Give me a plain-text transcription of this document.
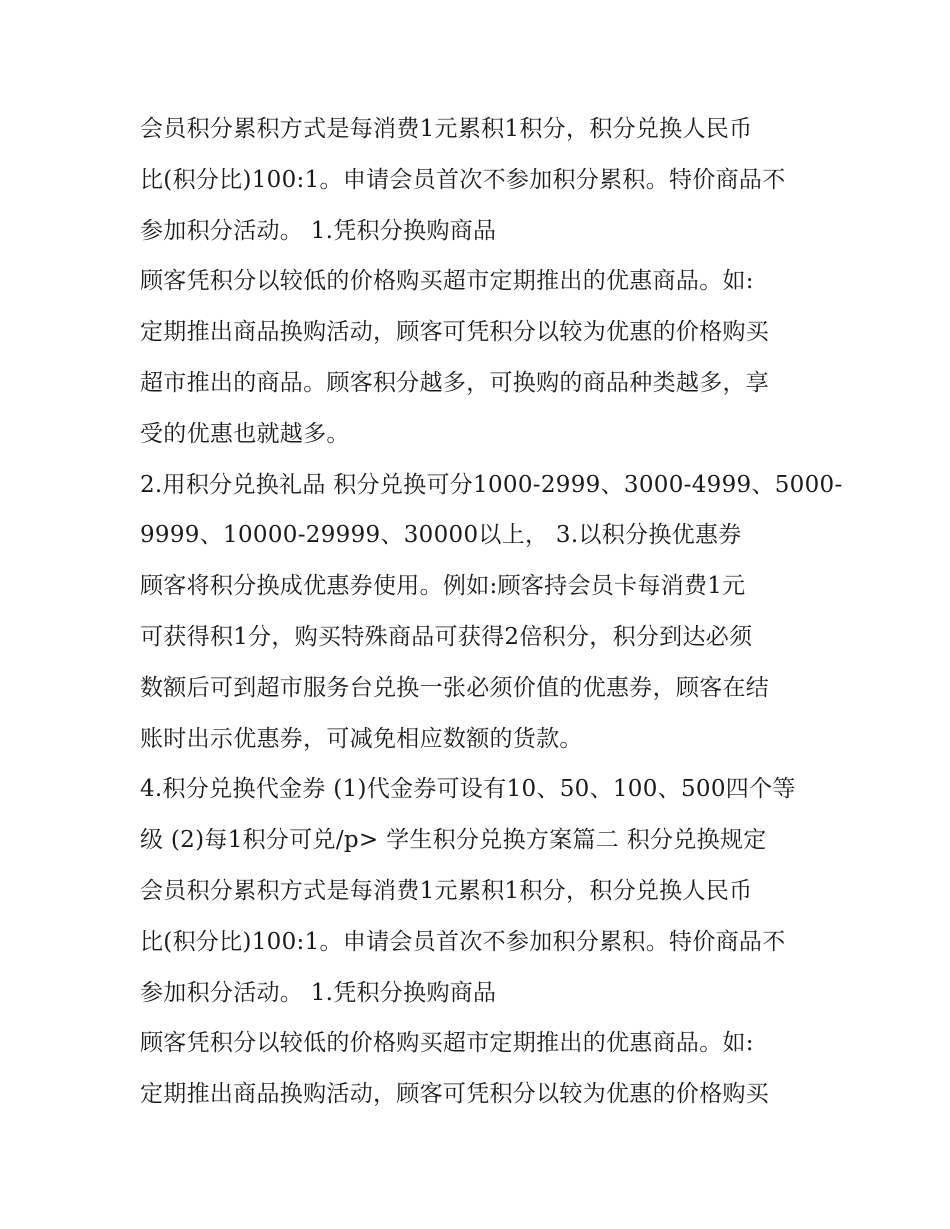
会员积分累积方式是每消费1元累积1积分，积分兑换人民币
比(积分比)100:1。申请会员首次不参加积分累积。特价商品不
参加积分活动。 1.凭积分换购商品
顾客凭积分以较低的价格购买超市定期推出的优惠商品。如:
定期推出商品换购活动，顾客可凭积分以较为优惠的价格购买
超市推出的商品。顾客积分越多，可换购的商品种类越多，享
受的优惠也就越多。
2.用积分兑换礼品 积分兑换可分1000-2999、3000-4999、5000-
9999、10000-29999、30000以上， 3.以积分换优惠券
顾客将积分换成优惠券使用。例如:顾客持会员卡每消费1元
可获得积1分，购买特殊商品可获得2倍积分，积分到达必须
数额后可到超市服务台兑换一张必须价值的优惠券，顾客在结
账时出示优惠券，可减免相应数额的货款。
4.积分兑换代金券 (1)代金券可设有10、50、100、500四个等
级 (2)每1积分可兑/p> 学生积分兑换方案篇二 积分兑换规定
会员积分累积方式是每消费1元累积1积分，积分兑换人民币
比(积分比)100:1。申请会员首次不参加积分累积。特价商品不
参加积分活动。 1.凭积分换购商品
顾客凭积分以较低的价格购买超市定期推出的优惠商品。如:
定期推出商品换购活动，顾客可凭积分以较为优惠的价格购买
